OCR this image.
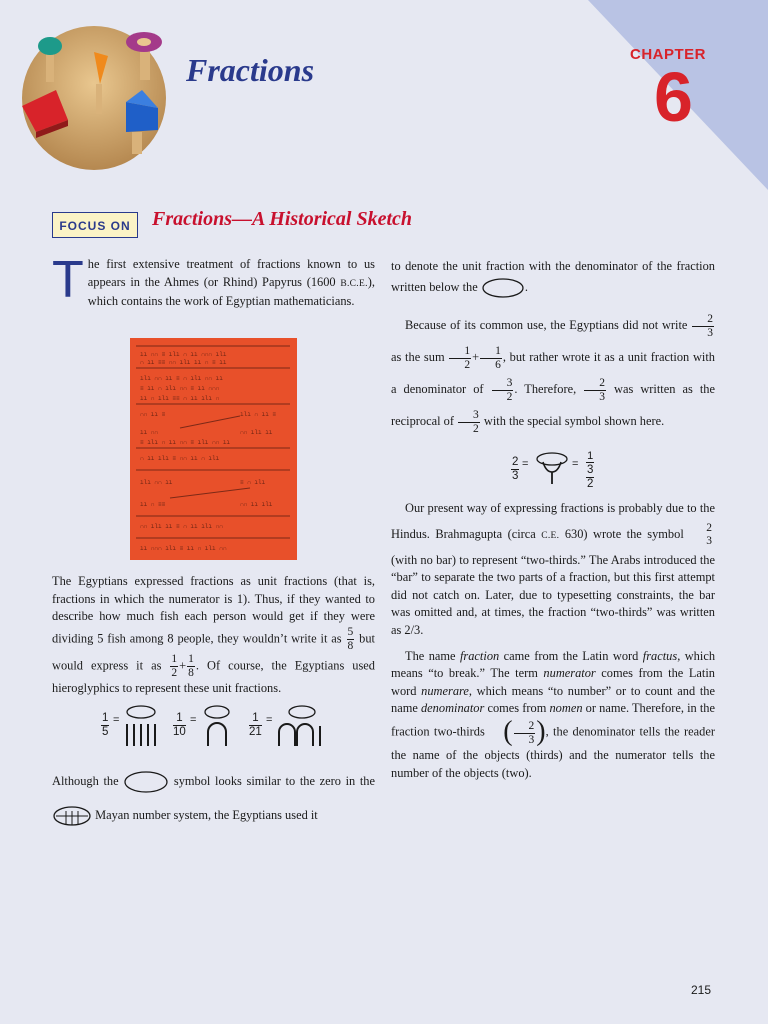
Fractions	CHAPTER
6
FOCUS ON	Fractions—A Historical Sketch

The first extensive treatment of fractions known to us appears in the Ahmes (or Rhind) Papyrus (1600 B.C.E.), which contains the work of Egyptian mathematicians.

ıı ∩∩ ≡ ılı ∩ ıı ∩∩∩ ılı
∩ ıı ≡≡ ∩∩ ılı ıı ∩ ≡ ıı
ılı ∩∩ ıı ≡ ∩ ılı ∩∩ ıı
≡ ıı ∩ ılı ∩∩ ≡ ıı ∩∩∩
ıı ∩ ılı ≡≡ ∩ ıı ılı ∩
∩∩ ıı ≡	ılı ∩ ıı ≡
ıı ∩∩	∩∩ ılı ıı
≡ ılı ∩ ıı ∩∩ ≡ ılı ∩∩ ıı
∩ ıı ılı ≡ ∩∩ ıı ∩ ılı
ılı ∩∩ ıı	≡ ∩ ılı
ıı ∩ ≡≡	∩∩ ıı ılı
∩∩ ılı ıı ≡ ∩ ıı ılı ∩∩
ıı ∩∩∩ ılı ≡ ıı ∩ ılı ∩∩

The Egyptians expressed fractions as unit fractions (that is, fractions in which the numerator is 1). Thus, if they wanted to describe how much fish each person would get if they were dividing 5 fish among 8 people, they wouldn’t write it as $\frac{5}{8}$ but would express it as $\frac{1}{2} + \frac{1}{8}$ . Of course, the Egyptians used hieroglyphics to represent these unit fractions.

$\frac{1}{5}$ =	$\frac{1}{10}$ =	$\frac{1}{21}$ =

Although the	symbol looks similar to the zero in the  Mayan number system, the Egyptians used it

to denote the unit fraction with the denominator of the fraction written below the	.

Because of its common use, the Egyptians did not write $\frac{2}{3}$
as the sum $\frac{1}{2} + \frac{1}{6}$ , but rather wrote it as a unit fraction with a denominator of $\frac{3}{2}$ . Therefore, $\frac{2}{3}$ was written as the reciprocal of $\frac{3}{2}$ with the special symbol shown here.

$\frac{2}{3}$ =	=
1
$\frac{3}{2}$

Our present way of expressing fractions is probably due to the Hindus. Brahmagupta (circa C.E. 630) wrote the symbol	2
3
(with no bar) to represent “two-thirds.” The Arabs introduced the “bar” to separate the two parts of a fraction, but this first attempt did not catch on. Later, due to typesetting constraints, the bar was omitted and, at times, the fraction “two-thirds” was written as 2/3.

The name fraction came from the Latin word fractus, which means “to break.” The term numerator comes from the Latin word numerare, which means “to number” or to count and the name denominator comes from nomen or name. Therefore, in the fraction two-thirds ( $\frac{2}{3}$ ), the denominator tells the reader the name of the objects (thirds) and the numerator tells the number of the objects (two).

215
